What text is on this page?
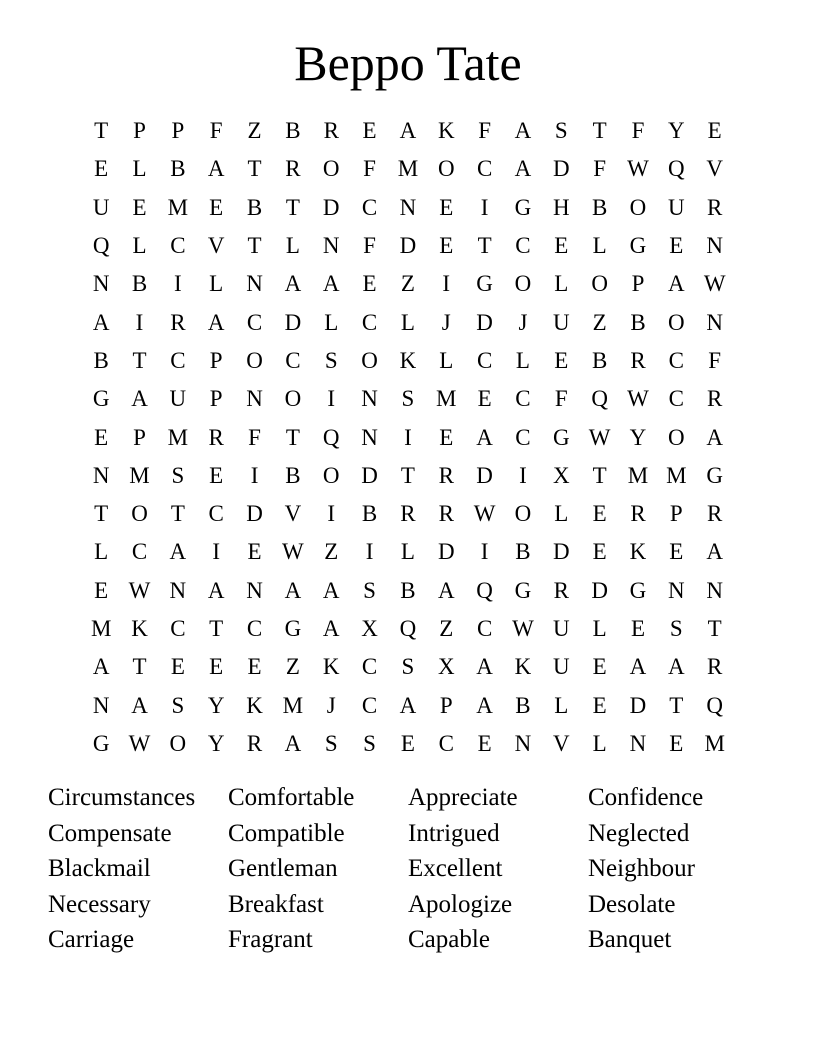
Beppo Tate
T	P	P	F	Z	B	R	E	A K	F	A	S	T	F	Y	E
E	L	B A	T	R O	F M O C A D	F W Q V
U	E M E	B	T	D C N	E	I	G H B O U R
Q	L	C V	T	L	N	F	D	E	T	C	E	L	G	E	N
N B	I	L	N A A	E	Z	I	G O	L	O	P	A W
A	I	R A C D	L	C	L	J	D	J	U	Z	B O N
B	T	C	P	O C	S	O K	L	C	L	E	B	R	C	F
G A U	P	N O	I	N	S M E	C	F	Q W C	R
E	P M R	F	T	Q N	I	E	A C G W Y O A
N M S	E	I	B O D	T	R D	I	X	T M M G
T	O	T	C D V	I	B	R	R W O	L	E	R	P	R
L	C A	I	E W Z	I	L	D	I	B D	E	K	E	A
E W N A N A A	S	B A Q G R D G N N
M K C	T	C G A X Q	Z	C W U	L	E	S	T
A	T	E	E	E	Z	K C	S	X A K U	E	A A R
N A	S	Y K M	J	C A	P	A B	L	E	D	T	Q
G W O Y R A	S	S	E	C	E	N V	L	N	E M
Circumstances	Comfortable	Appreciate	Confidence
Compensate	Compatible	Intrigued	Neglected
Blackmail	Gentleman	Excellent	Neighbour
Necessary	Breakfast	Apologize	Desolate
Carriage	Fragrant	Capable	Banquet
